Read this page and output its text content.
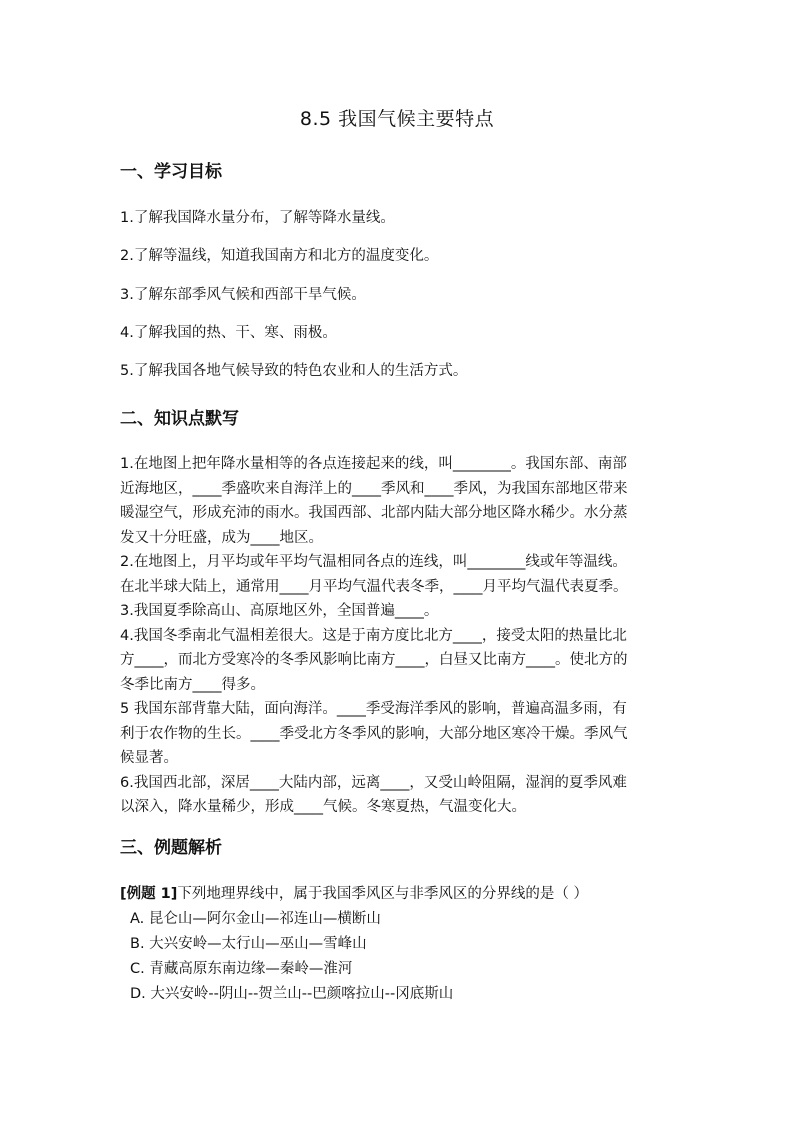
8.5 我国气候主要特点
一、学习目标
1.了解我国降水量分布，了解等降水量线。
2.了解等温线，知道我国南方和北方的温度变化。
3.了解东部季风气候和西部干旱气候。
4.了解我国的热、干、寒、雨极。
5.了解我国各地气候导致的特色农业和人的生活方式。
二、知识点默写
1.在地图上把年降水量相等的各点连接起来的线，叫________。我国东部、南部
近海地区，____季盛吹来自海洋上的____季风和____季风，为我国东部地区带来
暖湿空气，形成充沛的雨水。我国西部、北部内陆大部分地区降水稀少。水分蒸
发又十分旺盛，成为____地区。
2.在地图上，月平均或年平均气温相同各点的连线，叫________线或年等温线。
在北半球大陆上，通常用____月平均气温代表冬季，____月平均气温代表夏季。
3.我国夏季除高山、高原地区外，全国普遍____。
4.我国冬季南北气温相差很大。这是于南方度比北方____，接受太阳的热量比北
方____，而北方受寒冷的冬季风影响比南方____，白昼又比南方____。使北方的
冬季比南方____得多。
5 我国东部背靠大陆，面向海洋。____季受海洋季风的影响，普遍高温多雨，有
利于农作物的生长。____季受北方冬季风的影响，大部分地区寒冷干燥。季风气
候显著。
6.我国西北部，深居____大陆内部，远离____，又受山岭阻隔，湿润的夏季风难
以深入，降水量稀少，形成____气候。冬寒夏热，气温变化大。
三、例题解析
[例题 1]下列地理界线中，属于我国季风区与非季风区的分界线的是（ ）
A. 昆仑山—阿尔金山—祁连山—横断山
B. 大兴安岭—太行山—巫山—雪峰山
C. 青藏高原东南边缘—秦岭—淮河
D. 大兴安岭--阴山--贺兰山--巴颜喀拉山--冈底斯山
